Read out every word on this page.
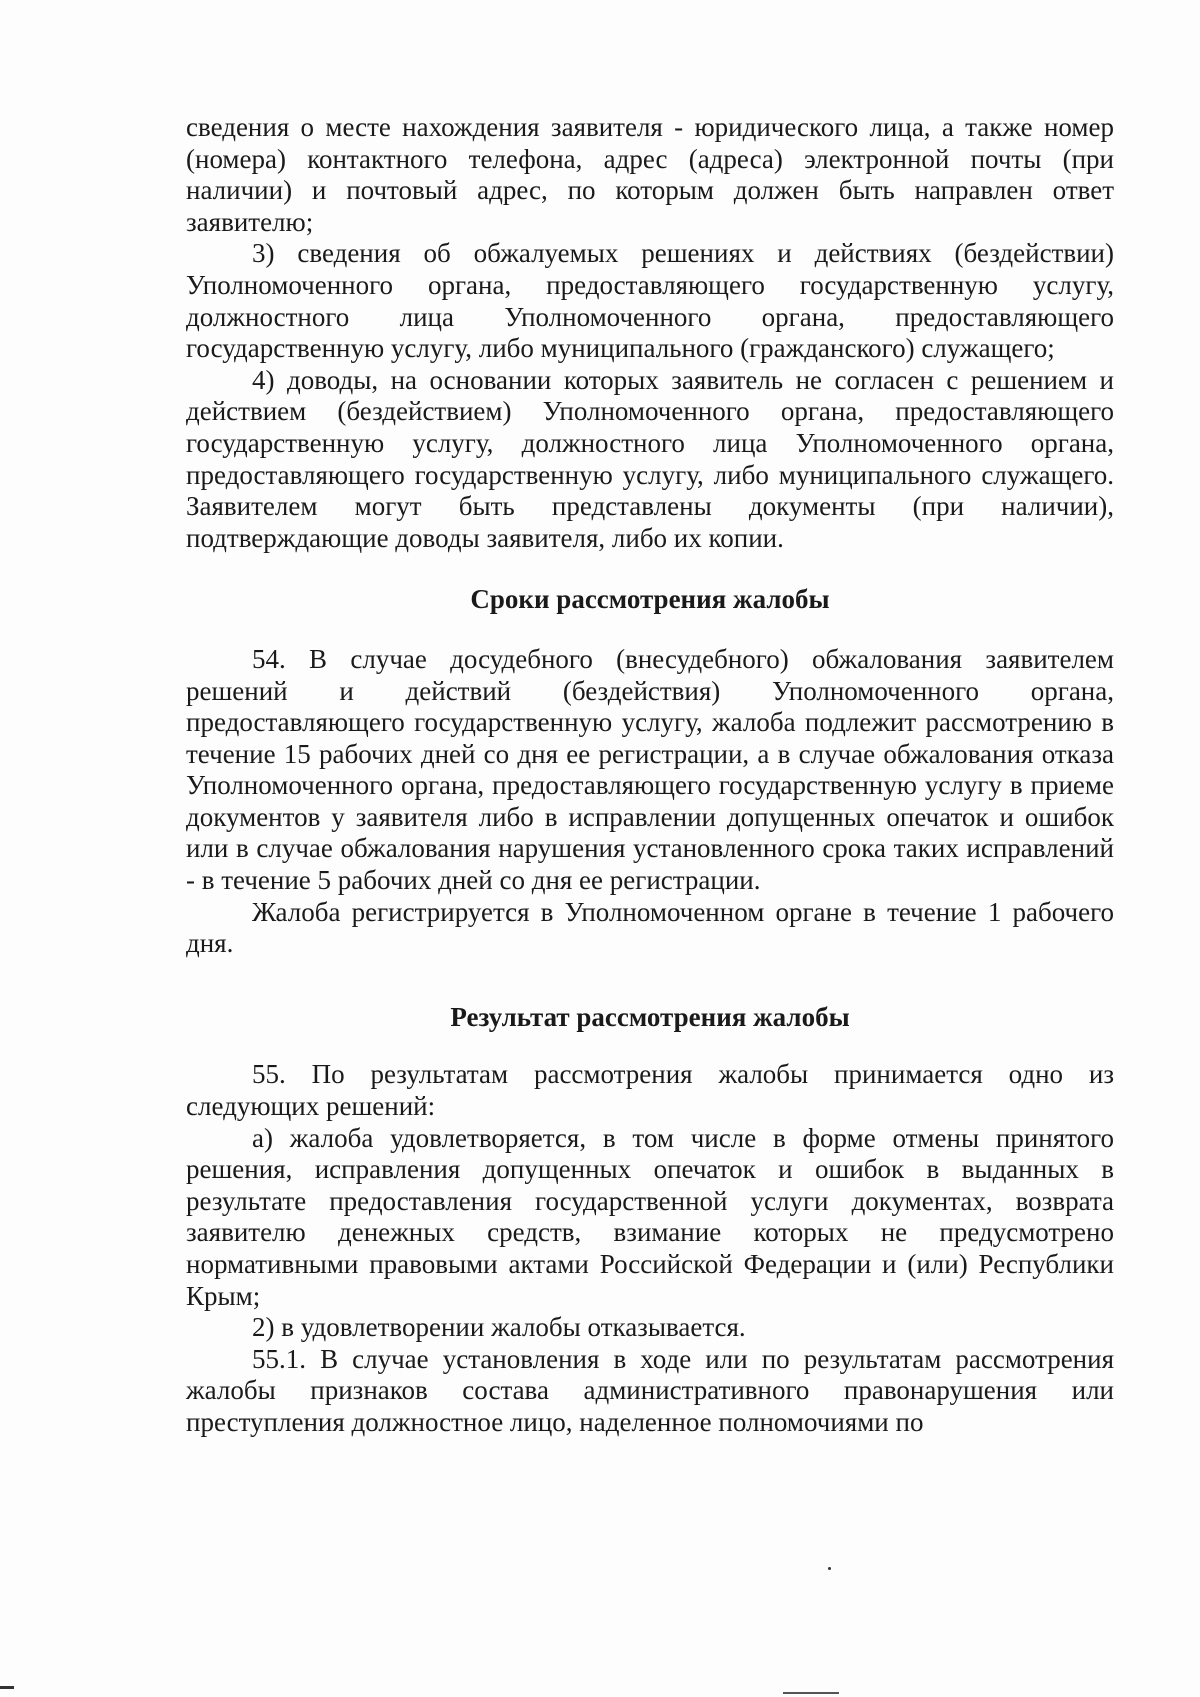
сведения о месте нахождения заявителя - юридического лица, а также номер (номера) контактного телефона, адрес (адреса) электронной почты (при наличии) и почтовый адрес, по которым должен быть направлен ответ заявителю;

3) сведения об обжалуемых решениях и действиях (бездействии) Уполномоченного органа, предоставляющего государственную услугу, должностного лица Уполномоченного органа, предоставляющего государственную услугу, либо муниципального (гражданского) служащего;

4) доводы, на основании которых заявитель не согласен с решением и действием (бездействием) Уполномоченного органа, предоставляющего государственную услугу, должностного лица Уполномоченного органа, предоставляющего государственную услугу, либо муниципального служащего. Заявителем могут быть представлены документы (при наличии), подтверждающие доводы заявителя, либо их копии.

Сроки рассмотрения жалобы

54. В случае досудебного (внесудебного) обжалования заявителем решений и действий (бездействия) Уполномоченного органа, предоставляющего государственную услугу, жалоба подлежит рассмотрению в течение 15 рабочих дней со дня ее регистрации, а в случае обжалования отказа Уполномоченного органа, предоставляющего государственную услугу в приеме документов у заявителя либо в исправлении допущенных опечаток и ошибок или в случае обжалования нарушения установленного срока таких исправлений - в течение 5 рабочих дней со дня ее регистрации.

Жалоба регистрируется в Уполномоченном органе в течение 1 рабочего дня.

Результат рассмотрения жалобы

55. По результатам рассмотрения жалобы принимается одно из следующих решений:

а) жалоба удовлетворяется, в том числе в форме отмены принятого решения, исправления допущенных опечаток и ошибок в выданных в результате предоставления государственной услуги документах, возврата заявителю денежных средств, взимание которых не предусмотрено нормативными правовыми актами Российской Федерации и (или) Республики Крым;

2) в удовлетворении жалобы отказывается.

55.1. В случае установления в ходе или по результатам рассмотрения жалобы признаков состава административного правонарушения или преступления должностное лицо, наделенное полномочиями по
